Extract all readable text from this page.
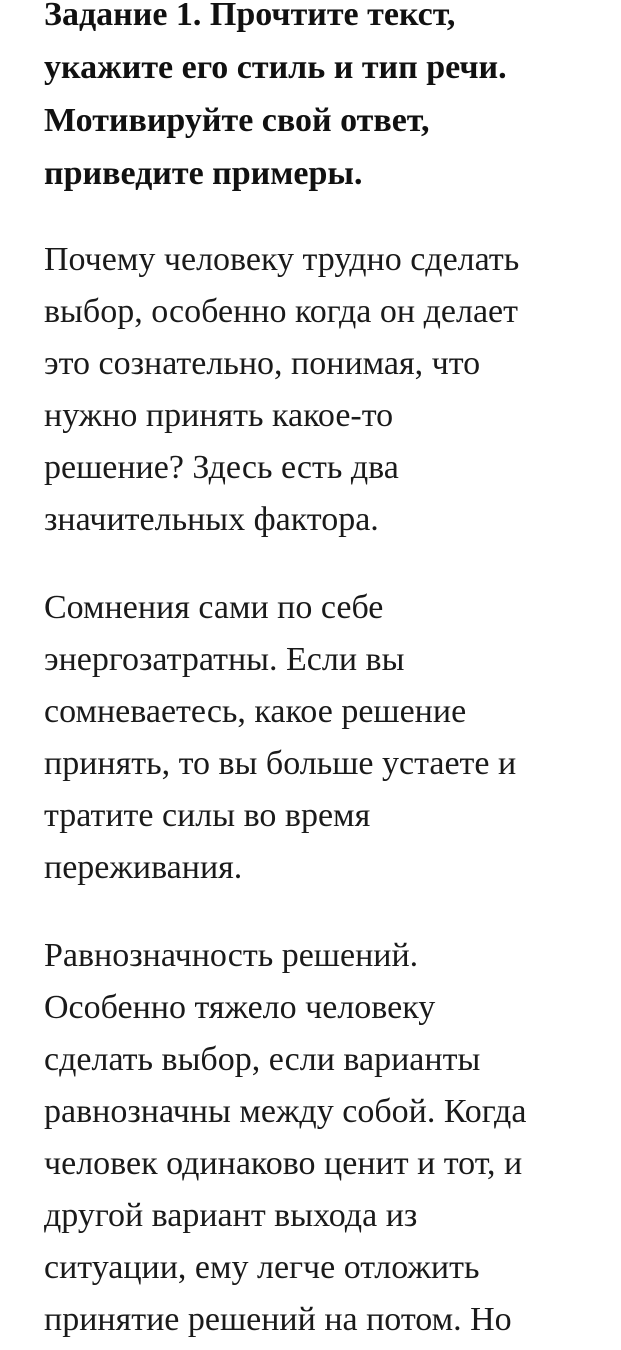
Задание 1. Прочтите текст,
укажите его стиль и тип речи.
Мотивируйте свой ответ,
приведите примеры.

Почему человеку трудно сделать
выбор, особенно когда он делает
это сознательно, понимая, что
нужно принять какое-то
решение? Здесь есть два
значительных фактора.

Сомнения сами по себе
энергозатратны. Если вы
сомневаетесь, какое решение
принять, то вы больше устаете и
тратите силы во время
переживания.

Равнозначность решений.
Особенно тяжело человеку
сделать выбор, если варианты
равнозначны между собой. Когда
человек одинаково ценит и тот, и
другой вариант выхода из
ситуации, ему легче отложить
принятие решений на потом. Но
